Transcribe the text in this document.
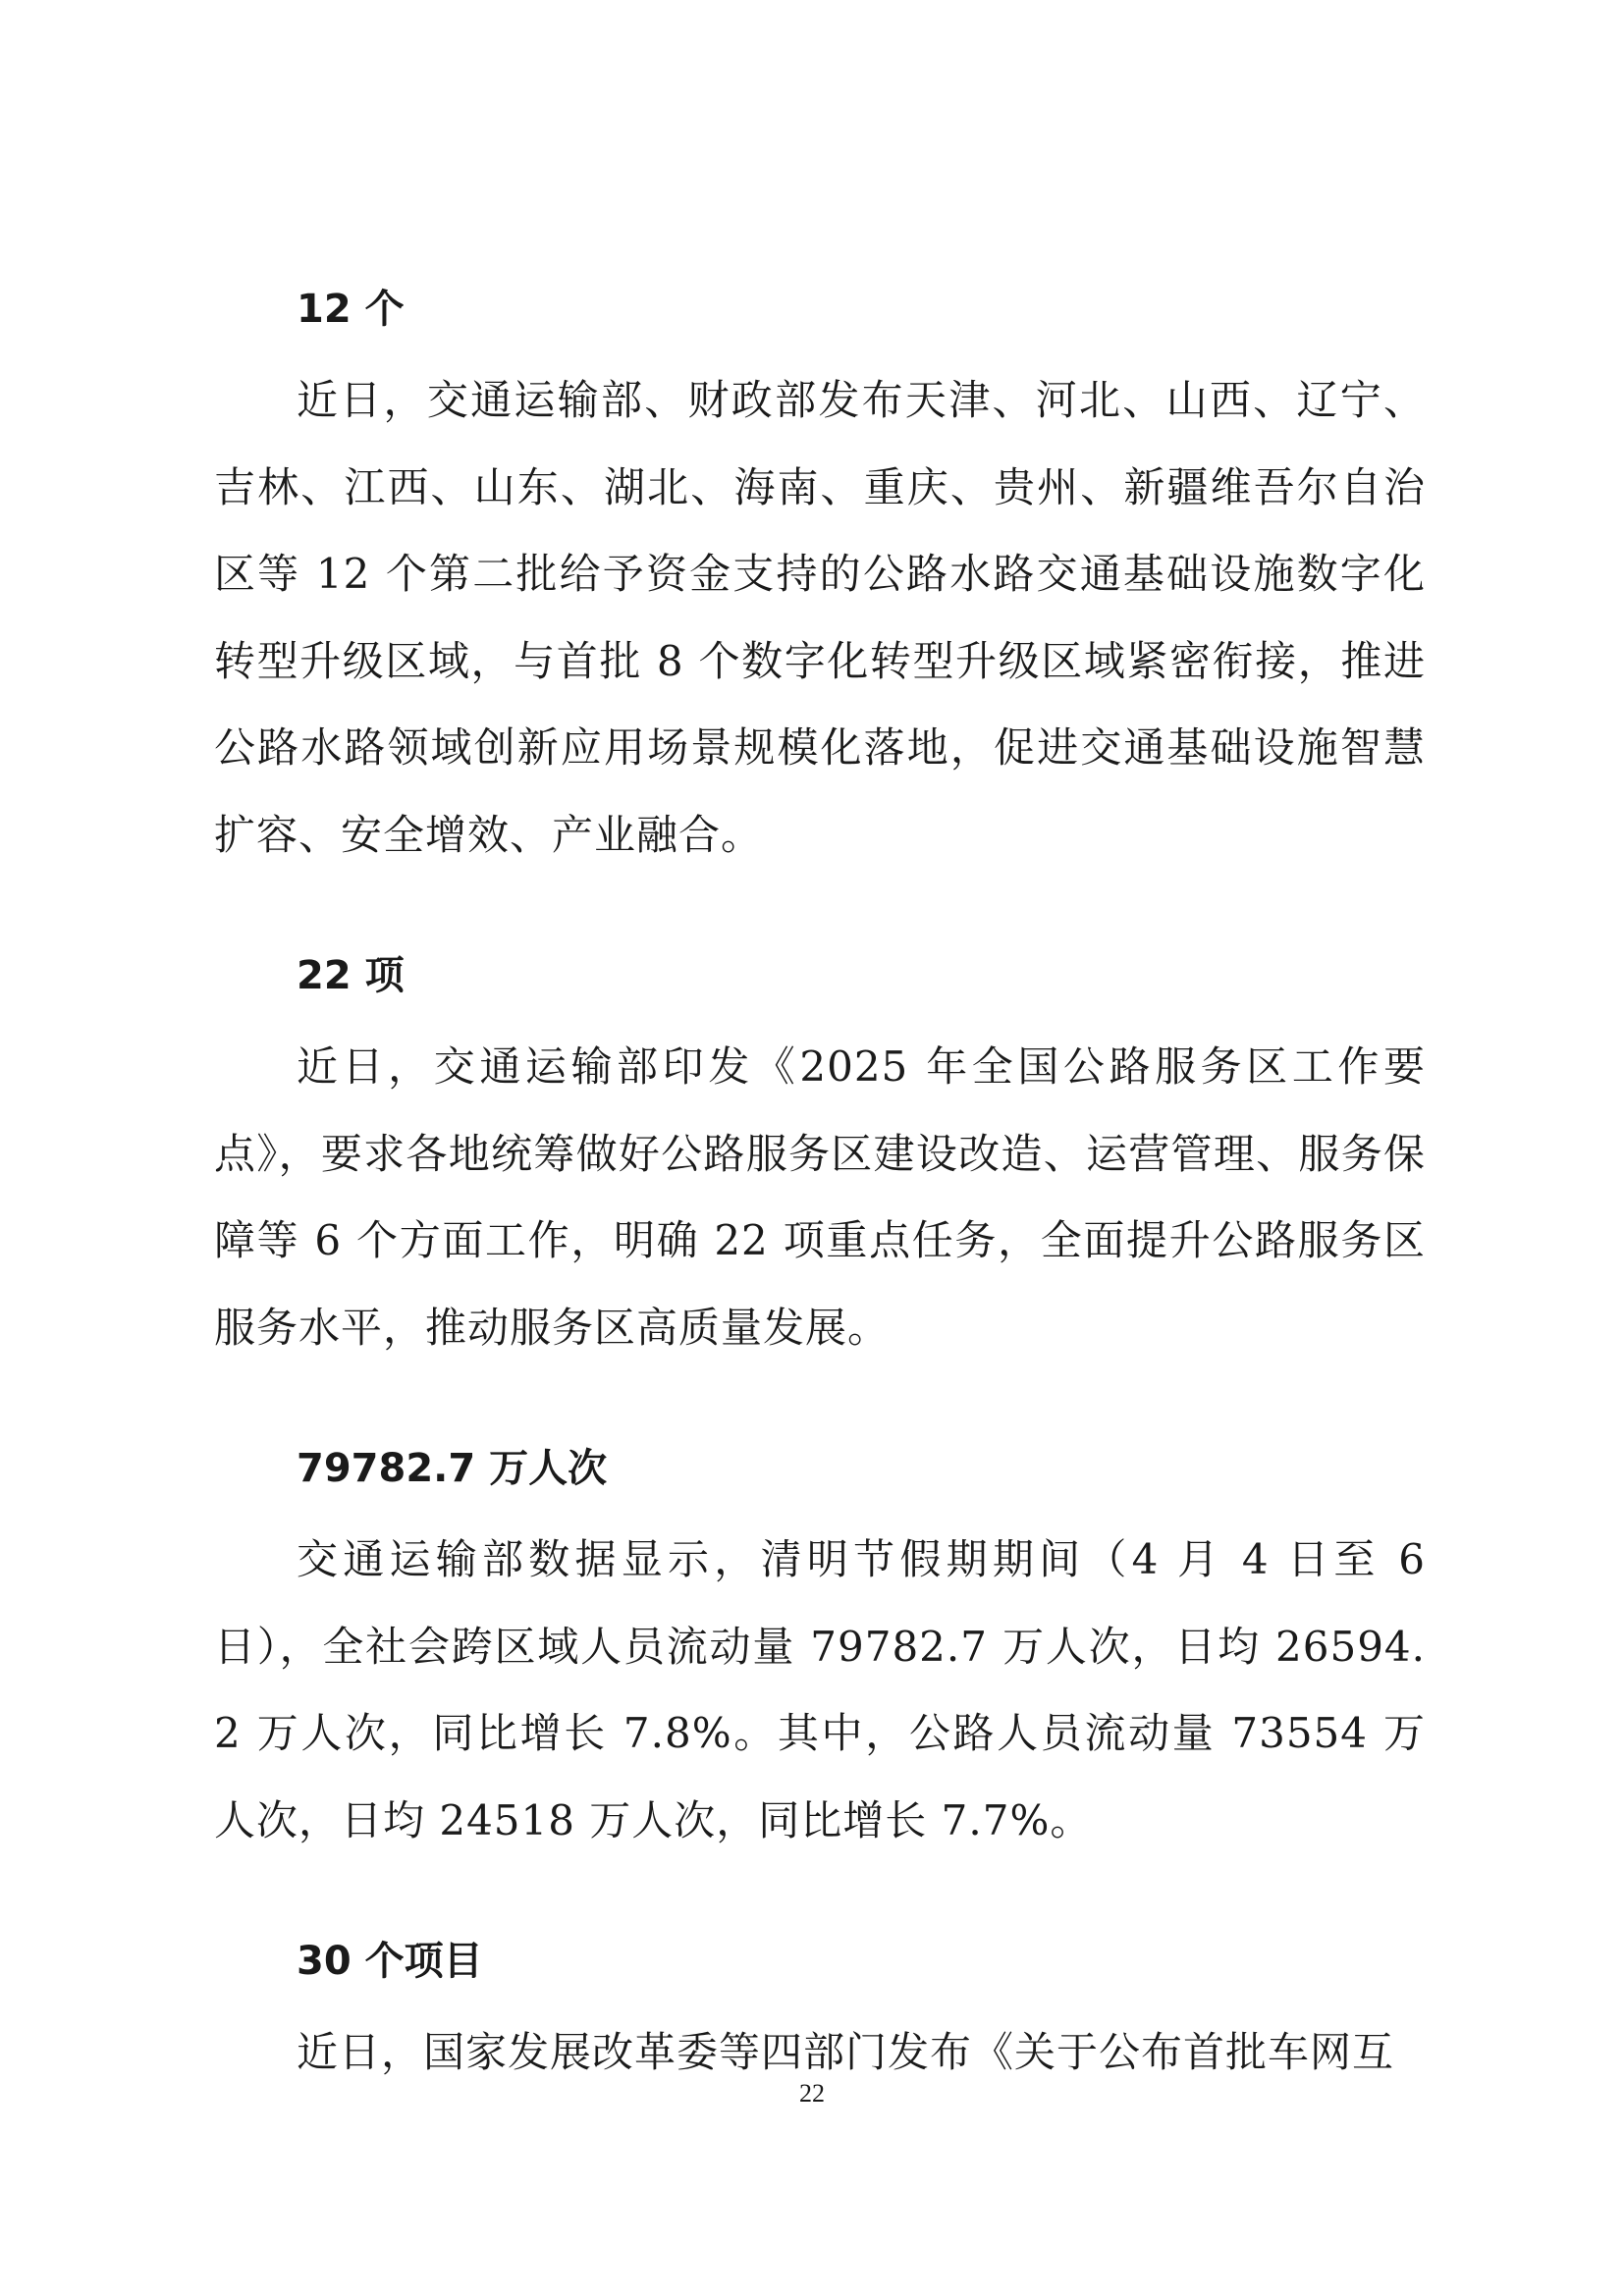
12 个

近日，交通运输部、财政部发布天津、河北、山西、辽宁、吉林、江西、山东、湖北、海南、重庆、贵州、新疆维吾尔自治区等 12 个第二批给予资金支持的公路水路交通基础设施数字化转型升级区域，与首批 8 个数字化转型升级区域紧密衔接，推进公路水路领域创新应用场景规模化落地，促进交通基础设施智慧扩容、安全增效、产业融合。

22 项

近日，交通运输部印发《2025 年全国公路服务区工作要点》，要求各地统筹做好公路服务区建设改造、运营管理、服务保障等 6 个方面工作，明确 22 项重点任务，全面提升公路服务区服务水平，推动服务区高质量发展。

79782.7 万人次

交通运输部数据显示，清明节假期期间（4 月 4 日至 6 日），全社会跨区域人员流动量 79782.7 万人次，日均 26594.2 万人次，同比增长 7.8%。其中，公路人员流动量 73554 万人次，日均 24518 万人次，同比增长 7.7%。

30 个项目

近日，国家发展改革委等四部门发布《关于公布首批车网互

22
